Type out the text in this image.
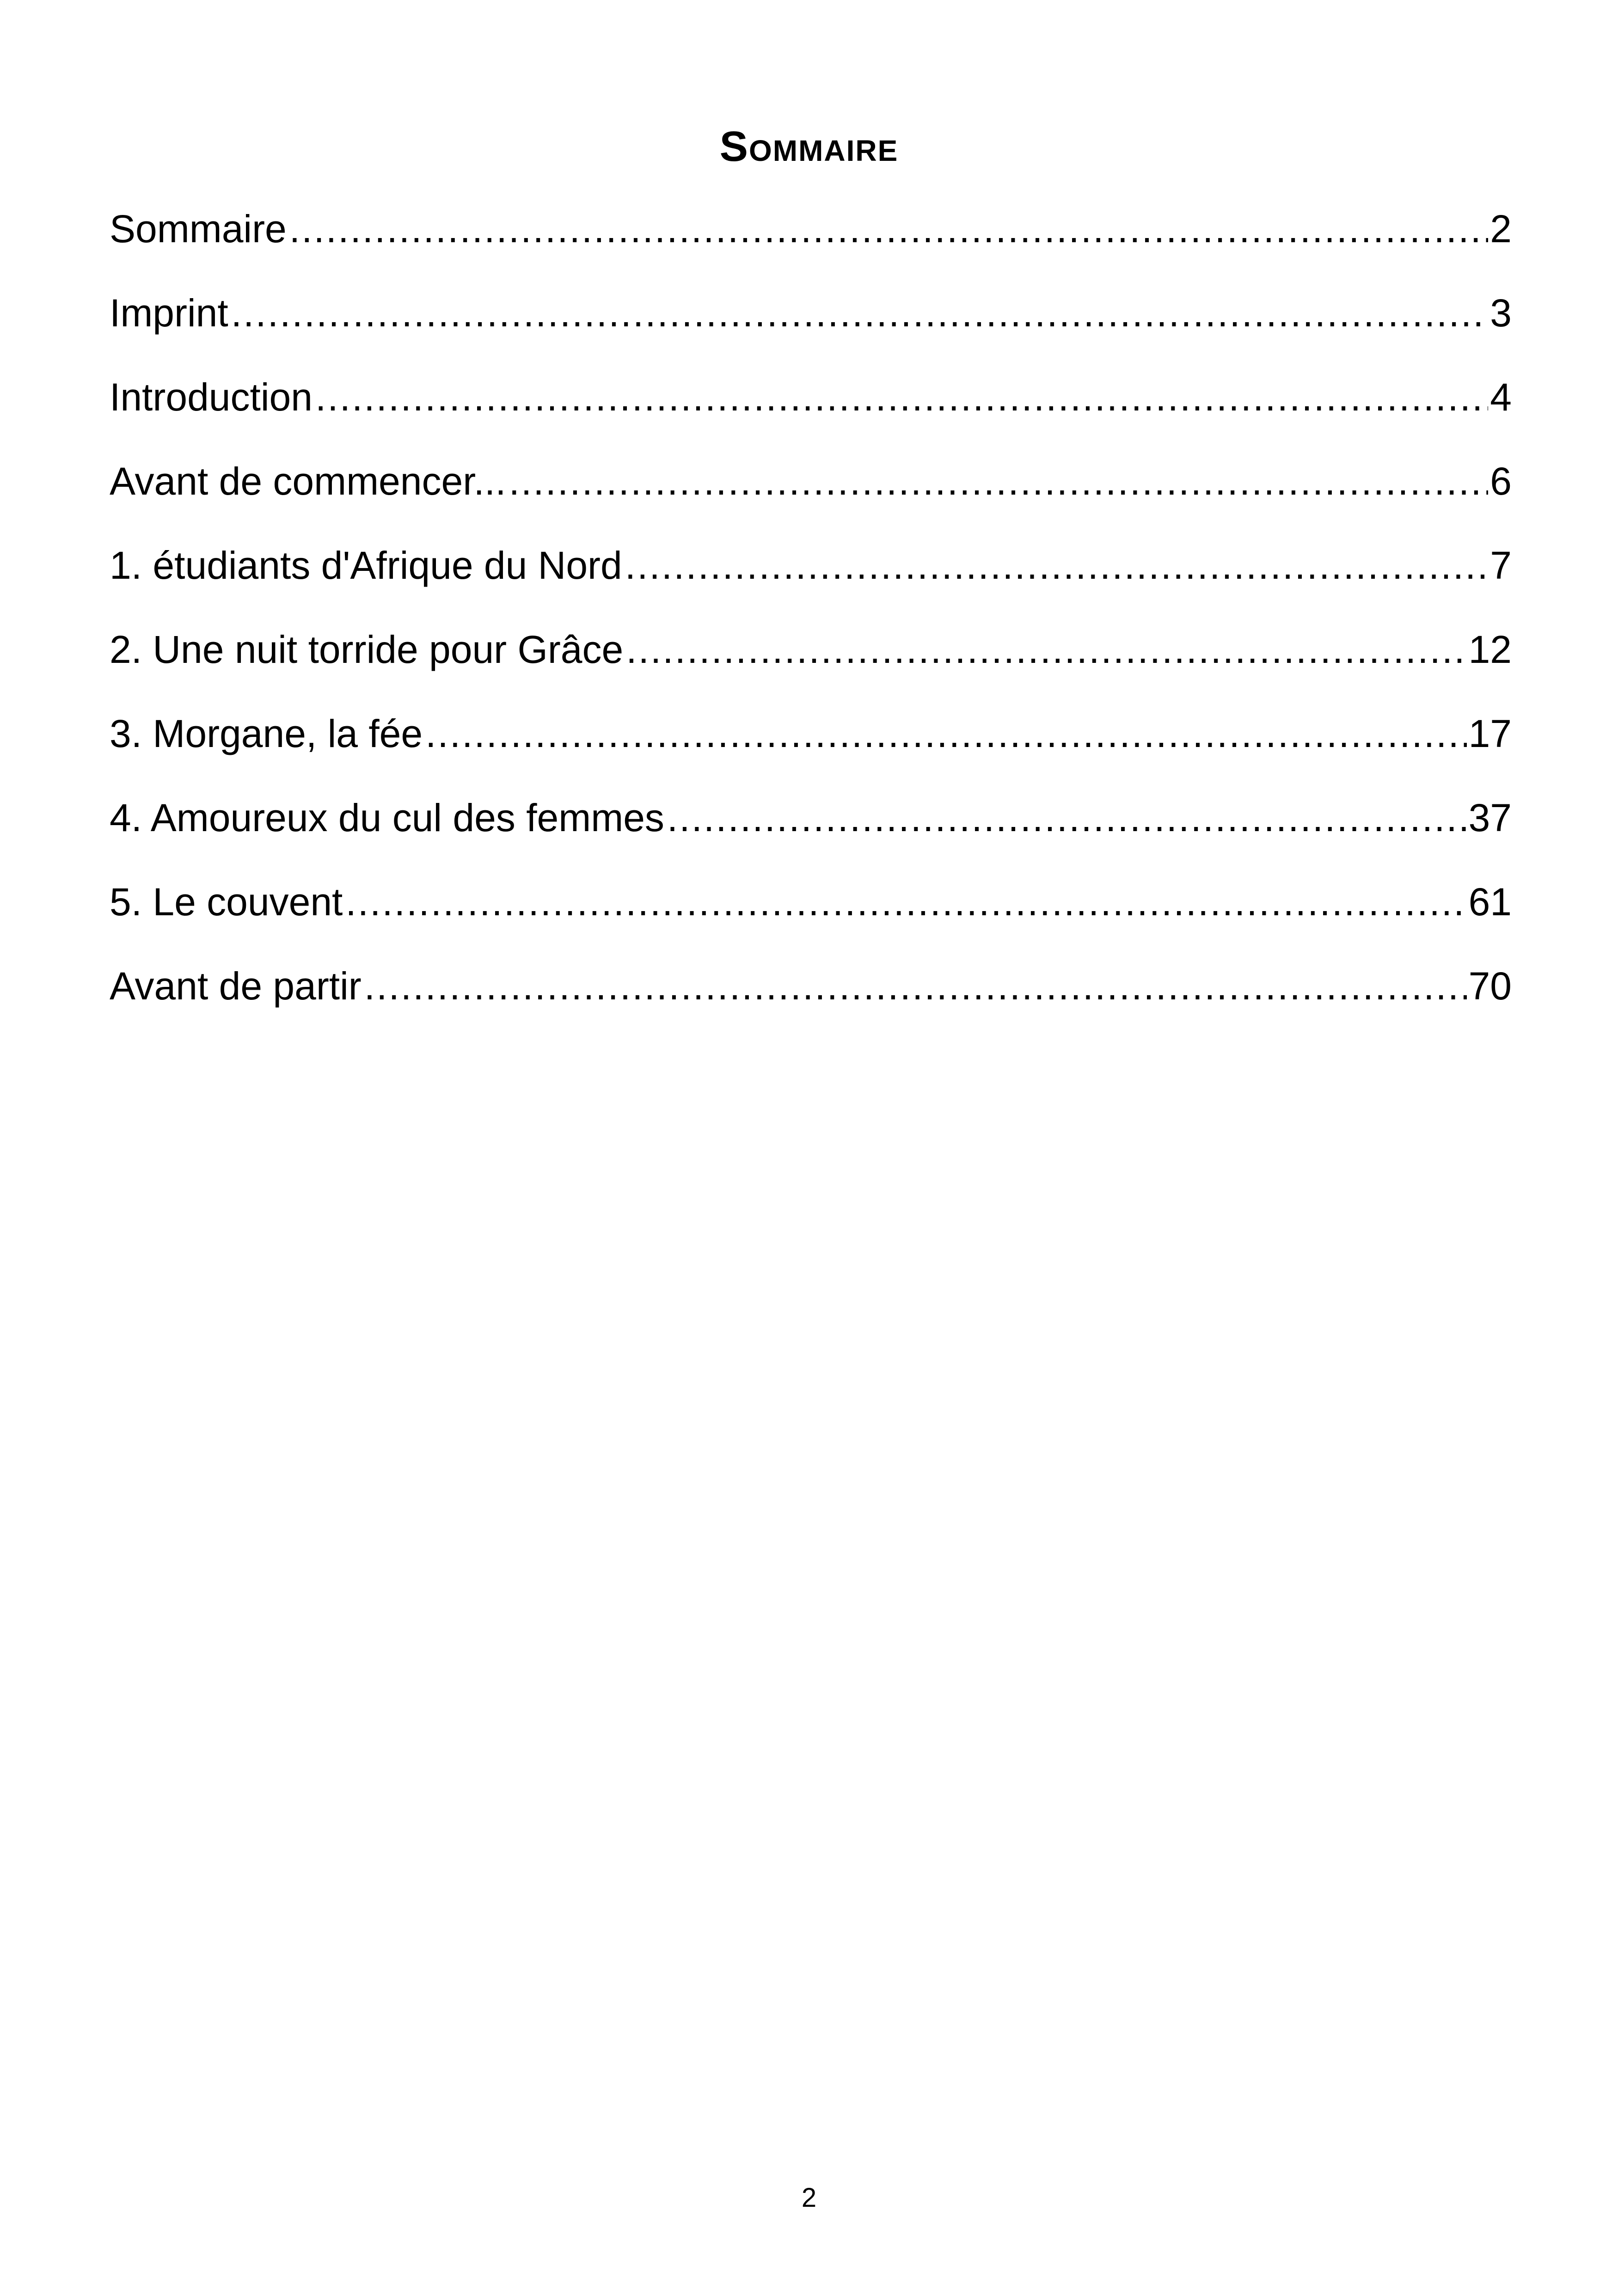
Sommaire
Sommaire .....	2
Imprint .....	3
Introduction .....	4
Avant de commencer... .....	6
1. étudiants d'Afrique du Nord .....	7
2. Une nuit torride pour Grâce .....	12
3. Morgane, la fée .....	17
4. Amoureux du cul des femmes .....	37
5. Le couvent .....	61
Avant de partir .....	70
2
